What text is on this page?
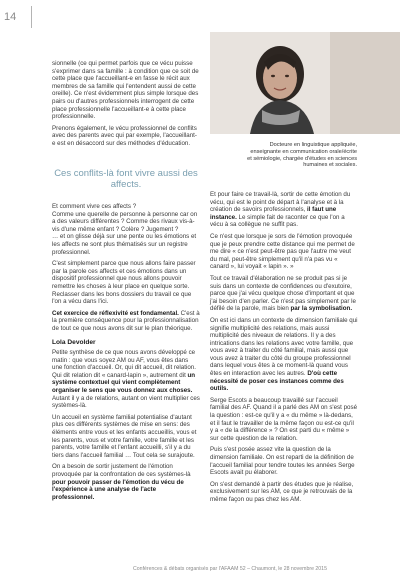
14
Docteure en linguistique appliquée,
enseignante en communication orale/écrite
et sémiologie, chargée d'études en sciences
humaines et sociales.

sionnelle (ce qui permet parfois que ce vécu puisse s'exprimer dans sa famille : à condition que ce soit de cette place que l'accueillant-e en fasse le récit aux membres de sa famille qui l'entendent aussi de cette oreille). Ce n'est évidemment plus simple lorsque des pairs ou d'autres professionnels interrogent de cette place professionnelle l'accueillant-e à cette place professionnelle.

Prenons également, le vécu professionnel de conflits avec des parents avec qui par exemple, l'accueillant-e est en désaccord sur des méthodes d'éducation.

Ces conflits-là font vivre aussi des affects.

Et comment vivre ces affects ?

Comme une querelle de personne à personne car on a des valeurs différentes ? Comme des rivaux vis-à-vis d'une même enfant ? Colère ? Jugement ?

… et on glisse déjà sur une pente ou les émotions et les affects ne sont plus thématisés sur un registre professionnel.

C'est simplement parce que nous allons faire passer par la parole ces affects et ces émotions dans un dispositif professionnel que nous allons pouvoir remettre les choses à leur place en quelque sorte.

Reclasser dans les bons dossiers du travail ce que l'on a vécu dans l'ici.

Cet exercice de réflexivité est fondamental. C'est à la première conséquence pour la professionnalisation de tout ce que nous avons dit sur le plan théorique.

Lola Devolder

Petite synthèse de ce que nous avons développé ce matin : que vous soyez AM ou AF, vous êtes dans une fonction d'accueil. Or, qui dit accueil, dit relation.

Qui dit relation dit « canard-lapin », autrement dit un système contextuel qui vient complètement organiser le sens que vous donnez aux choses.

Autant il y a de relations, autant on vient multiplier ces systèmes-là.

Un accueil en système familial potentialise d'autant plus ces différents systèmes de mise en sens: des éléments entre vous et les enfants accueillis, vous et les parents, vous et votre famille, votre famille et les parents, votre famille et l'enfant accueilli, s'il y a du tiers dans l'accueil familial … Tout cela se surajoute.

On a besoin de sortir justement de l'émotion provoquée par la confrontation de ces systèmes-là pour pouvoir passer de l'émotion du vécu de l'expérience à une analyse de l'acte professionnel.

Et pour faire ce travail-là, sortir de cette émotion du vécu, qui est le point de départ à l'analyse et à la création de savoirs professionnels, il faut une instance. Le simple fait de raconter ce que l'on a vécu à sa collègue ne suffit pas.

Ce n'est que lorsque je sors de l'émotion provoquée que je peux prendre cette distance qui me permet de me dire « ce n'est peut-être pas que l'autre me veut du mal, peut-être simplement qu'il n'a pas vu « canard », lui voyait « lapin ». »

Tout ce travail d'élaboration ne se produit pas si je suis dans un contexte de confidences ou d'exutoire, parce que j'ai vécu quelque chose d'important et que j'ai besoin d'en parler. Ce n'est pas simplement par le défilé de la parole, mais bien par la symbolisation.

On est ici dans un contexte de dimension familiale qui signifie multiplicité des relations, mais aussi multiplicité des niveaux de relations. Il y a des intrications dans les relations avec votre famille, que vous avez à traiter du côté familial, mais aussi que vous avez à traiter du côté du groupe professionnel dans lequel vous êtes à ce moment-là quand vous êtes en interaction avec les autres. D'où cette nécessité de poser ces instances comme des outils.

Serge Escots a beaucoup travaillé sur l'accueil familial des AF. Quand il a parlé des AM on s'est posé la question : est-ce qu'il y a « du même » là-dedans, et il faut le travailler de la même façon ou est-ce qu'il y a « de la différence » ? On est parti du « même » sur cette question de la relation.

Puis s'est posée assez vite la question de la dimension familiale. On est reparti de la définition de l'accueil familial pour tendre toutes les années Serge Escots avait pu élaborer.

On s'est demandé à partir des études que je réalise, exclusivement sur les AM, ce que je retrouvais de la même façon ou pas chez les AM.

Conférences & débats organisés par l'AFAAM 52 – Chaumont, le 28 novembre 2015
